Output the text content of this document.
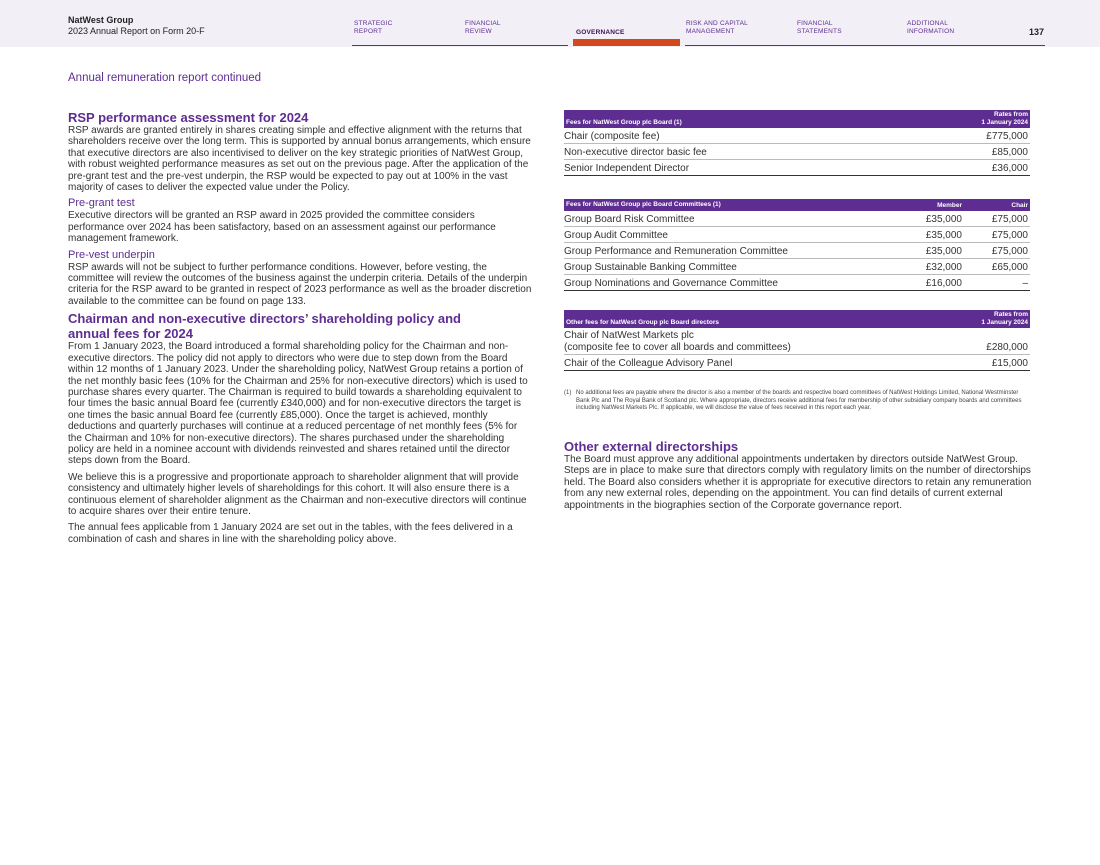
NatWest Group
2023 Annual Report on Form 20-F
STRATEGIC
REPORT
FINANCIAL
REVIEW	GOVERNANCE
RISK AND CAPITAL
MANAGEMENT
FINANCIAL
STATEMENTS
ADDITIONAL
INFORMATION	137
Annual remuneration report continued
RSP performance assessment for 2024

RSP awards are granted entirely in shares creating simple and effective alignment with the returns that shareholders receive over the long term. This is supported by annual bonus arrangements, which ensure that executive directors are also incentivised to deliver on the key strategic priorities of NatWest Group, with robust weighted performance measures as set out on the previous page. After the application of the pre-grant test and the pre-vest underpin, the RSP would be expected to pay out at 100% in the vast majority of cases to deliver the expected value under the Policy.

Pre-grant test

Executive directors will be granted an RSP award in 2025 provided the committee considers performance over 2024 has been satisfactory, based on an assessment against our performance management framework.

Pre-vest underpin

RSP awards will not be subject to further performance conditions. However, before vesting, the committee will review the outcomes of the business against the underpin criteria. Details of the underpin criteria for the RSP award to be granted in respect of 2023 performance as well as the broader discretion available to the committee can be found on page 133.

Chairman and non-executive directors’ shareholding policy and annual fees for 2024

From 1 January 2023, the Board introduced a formal shareholding policy for the Chairman and non-executive directors. The policy did not apply to directors who were due to step down from the Board within 12 months of 1 January 2023. Under the shareholding policy, NatWest Group retains a portion of the net monthly basic fees (10% for the Chairman and 25% for non-executive directors) which is used to purchase shares every quarter. The Chairman is required to build towards a shareholding equivalent to four times the basic annual Board fee (currently £340,000) and for non-executive directors the target is one times the basic annual Board fee (currently £85,000). Once the target is achieved, monthly deductions and quarterly purchases will continue at a reduced percentage of net monthly fees (5% for the Chairman and 10% for non-executive directors). The shares purchased under the shareholding policy are held in a nominee account with dividends reinvested and shares retained until the director steps down from the Board.

We believe this is a progressive and proportionate approach to shareholder alignment that will provide consistency and ultimately higher levels of shareholdings for this cohort. It will also ensure there is a continuous element of shareholder alignment as the Chairman and non-executive directors will continue to acquire shares over their entire tenure.

The annual fees applicable from 1 January 2024 are set out in the tables, with the fees delivered in a combination of cash and shares in line with the shareholding policy above.

Fees for NatWest Group plc Board (1)	Rates from
1 January 2024
Chair (composite fee)	£775,000
Non-executive director basic fee	£85,000
Senior Independent Director	£36,000
Fees for NatWest Group plc Board Committees (1)	Member	Chair
Group Board Risk Committee	£35,000	£75,000
Group Audit Committee	£35,000	£75,000
Group Performance and Remuneration Committee	£35,000	£75,000
Group Sustainable Banking Committee	£32,000	£65,000
Group Nominations and Governance Committee	£16,000	–
Other fees for NatWest Group plc Board directors	Rates from
1 January 2024
Chair of NatWest Markets plc
(composite fee to cover all boards and committees)	£280,000
Chair of the Colleague Advisory Panel	£15,000
(1) No additional fees are payable where the director is also a member of the boards and respective board committees of NatWest Holdings Limited, National Westminster Bank Plc and The Royal Bank of Scotland plc. Where appropriate, directors receive additional fees for membership of other subsidiary company boards and committees including NatWest Markets Plc. If applicable, we will disclose the value of fees received in this report each year.
Other external directorships

The Board must approve any additional appointments undertaken by directors outside NatWest Group. Steps are in place to make sure that directors comply with regulatory limits on the number of directorships held. The Board also considers whether it is appropriate for executive directors to retain any remuneration from any new external roles, depending on the appointment. You can find details of current external appointments in the biographies section of the Corporate governance report.
